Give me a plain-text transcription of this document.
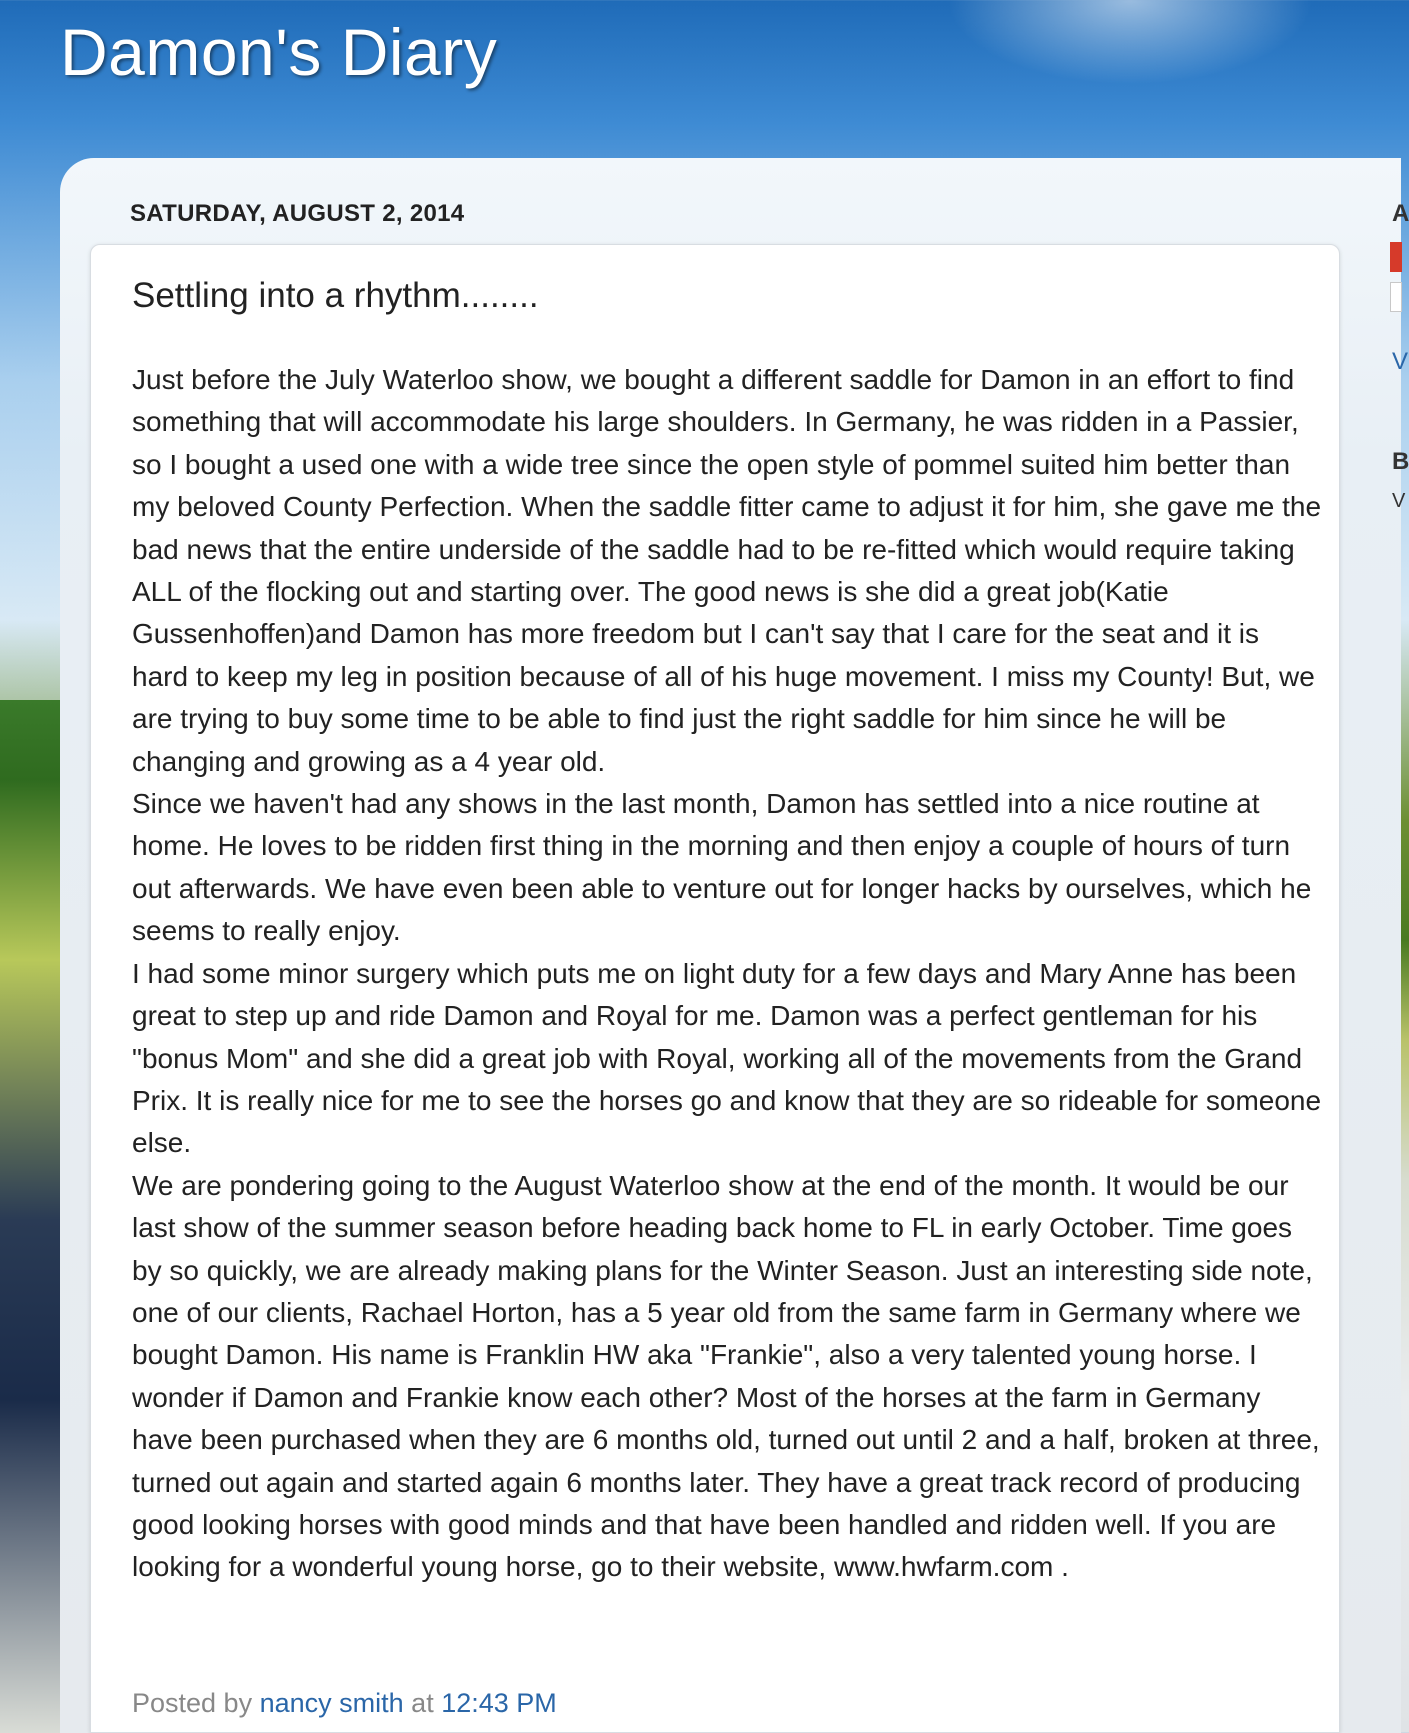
Damon's Diary
SATURDAY, AUGUST 2, 2014
Settling into a rhythm........

Just before the July Waterloo show, we bought a different saddle for Damon in an effort to find something that will accommodate his large shoulders. In Germany, he was ridden in a Passier, so I bought a used one with a wide tree since the open style of pommel suited him better than my beloved County Perfection. When the saddle fitter came to adjust it for him, she gave me the bad news that the entire underside of the saddle had to be re-fitted which would require taking ALL of the flocking out and starting over. The good news is she did a great job(Katie Gussenhoffen)and Damon has more freedom but I can't say that I care for the seat and it is hard to keep my leg in position because of all of his huge movement. I miss my County! But, we are trying to buy some time to be able to find just the right saddle for him since he will be changing and growing as a 4 year old.

Since we haven't had any shows in the last month, Damon has settled into a nice routine at home. He loves to be ridden first thing in the morning and then enjoy a couple of hours of turn out afterwards. We have even been able to venture out for longer hacks by ourselves, which he seems to really enjoy.

I had some minor surgery which puts me on light duty for a few days and Mary Anne has been great to step up and ride Damon and Royal for me. Damon was a perfect gentleman for his "bonus Mom" and she did a great job with Royal, working all of the movements from the Grand Prix. It is really nice for me to see the horses go and know that they are so rideable for someone else.

We are pondering going to the August Waterloo show at the end of the month. It would be our last show of the summer season before heading back home to FL in early October. Time goes by so quickly, we are already making plans for the Winter Season. Just an interesting side note, one of our clients, Rachael Horton, has a 5 year old from the same farm in Germany where we bought Damon. His name is Franklin HW aka "Frankie", also a very talented young horse. I wonder if Damon and Frankie know each other? Most of the horses at the farm in Germany have been purchased when they are 6 months old, turned out until 2 and a half, broken at three, turned out again and started again 6 months later. They have a great track record of producing good looking horses with good minds and that have been handled and ridden well. If you are looking for a wonderful young horse, go to their website, www.hwfarm.com .

Posted by nancy smith at 12:43 PM
A
V
B
V
